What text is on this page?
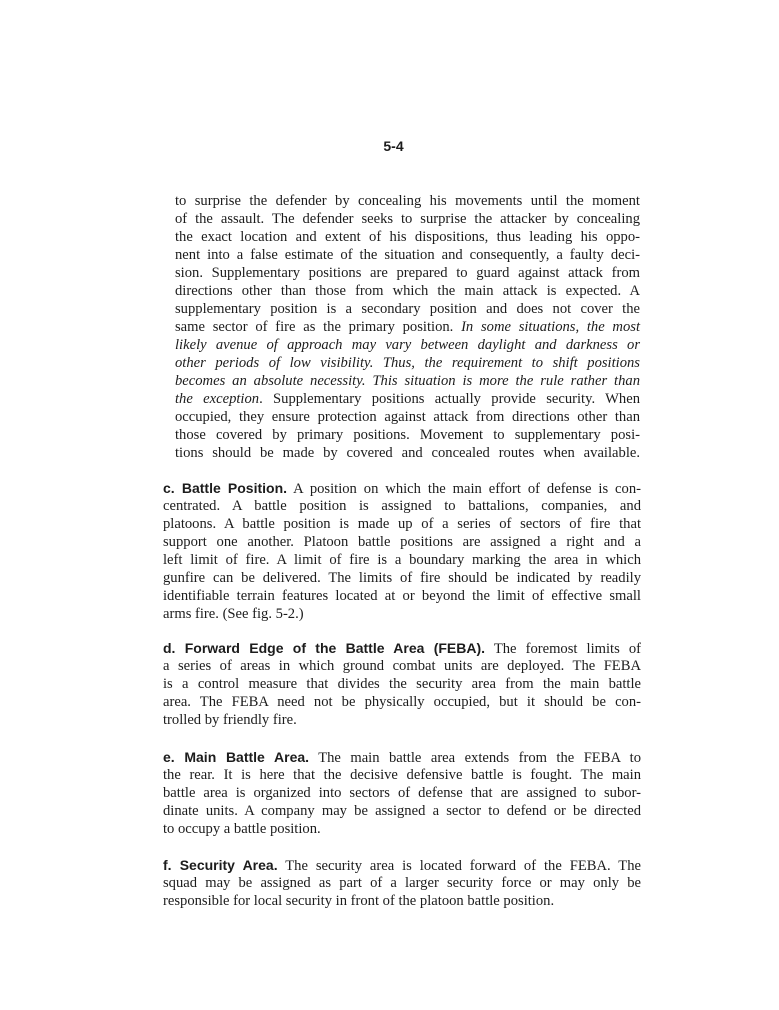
5-4
to surprise the defender by concealing his movements until the moment
of the assault. The defender seeks to surprise the attacker by concealing
the exact location and extent of his dispositions, thus leading his oppo-
nent into a false estimate of the situation and consequently, a faulty deci-
sion. Supplementary positions are prepared to guard against attack from
directions other than those from which the main attack is expected. A
supplementary position is a secondary position and does not cover the
same sector of fire as the primary position. In some situations, the most
likely avenue of approach may vary between daylight and darkness or
other periods of low visibility. Thus, the requirement to shift positions
becomes an absolute necessity. This situation is more the rule rather than
the exception. Supplementary positions actually provide security. When
occupied, they ensure protection against attack from directions other than
those covered by primary positions. Movement to supplementary posi-
tions should be made by covered and concealed routes when available.
c. Battle Position. A position on which the main effort of defense is con-
centrated. A battle position is assigned to battalions, companies, and
platoons. A battle position is made up of a series of sectors of fire that
support one another. Platoon battle positions are assigned a right and a
left limit of fire. A limit of fire is a boundary marking the area in which
gunfire can be delivered. The limits of fire should be indicated by readily
identifiable terrain features located at or beyond the limit of effective small
arms fire. (See fig. 5-2.)
d. Forward Edge of the Battle Area (FEBA). The foremost limits of
a series of areas in which ground combat units are deployed. The FEBA
is a control measure that divides the security area from the main battle
area. The FEBA need not be physically occupied, but it should be con-
trolled by friendly fire.
e. Main Battle Area. The main battle area extends from the FEBA to
the rear. It is here that the decisive defensive battle is fought. The main
battle area is organized into sectors of defense that are assigned to subor-
dinate units. A company may be assigned a sector to defend or be directed
to occupy a battle position.
f. Security Area. The security area is located forward of the FEBA. The
squad may be assigned as part of a larger security force or may only be
responsible for local security in front of the platoon battle position.
